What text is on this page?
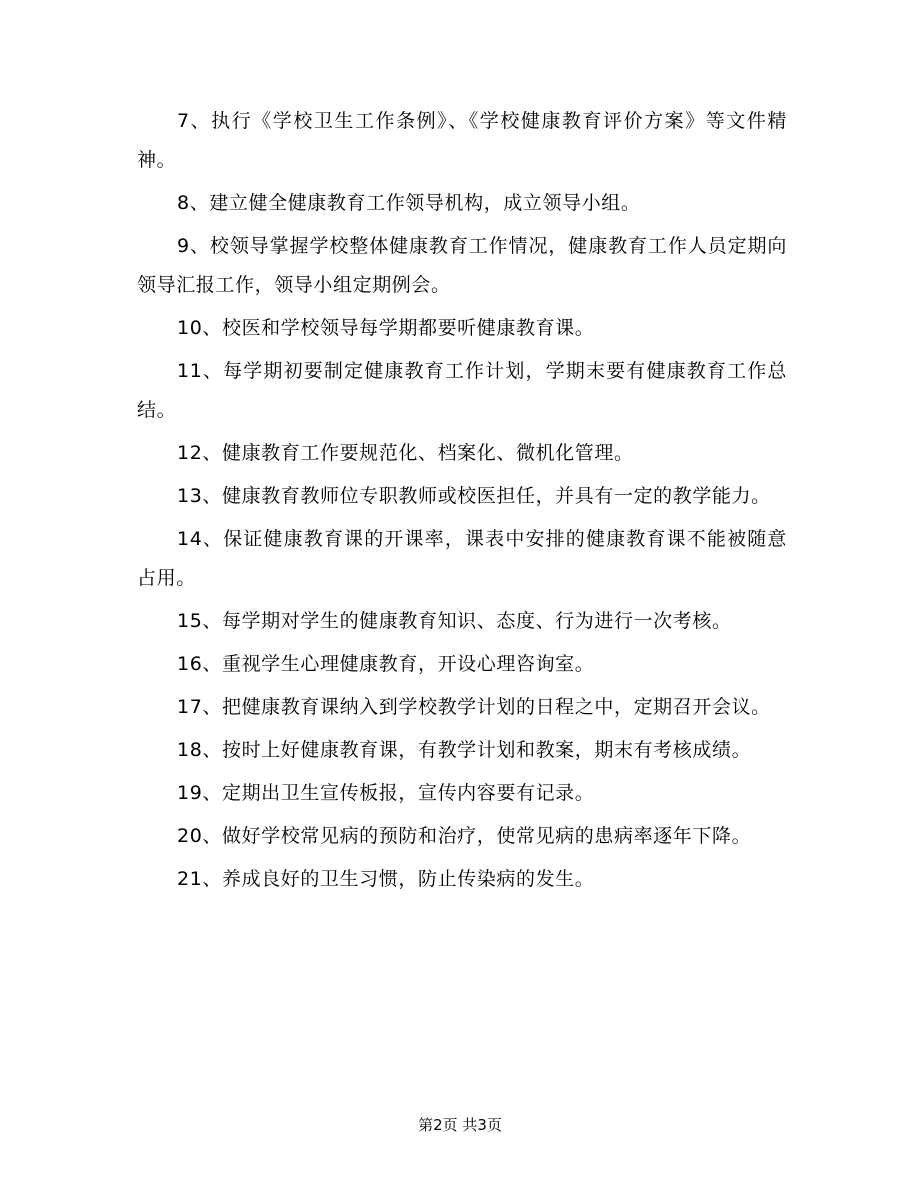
7、执行《学校卫生工作条例》、《学校健康教育评价方案》等文件精神。

8、建立健全健康教育工作领导机构，成立领导小组。

9、校领导掌握学校整体健康教育工作情况，健康教育工作人员定期向领导汇报工作，领导小组定期例会。

10、校医和学校领导每学期都要听健康教育课。

11、每学期初要制定健康教育工作计划，学期末要有健康教育工作总结。

12、健康教育工作要规范化、档案化、微机化管理。

13、健康教育教师位专职教师或校医担任，并具有一定的教学能力。

14、保证健康教育课的开课率，课表中安排的健康教育课不能被随意占用。

15、每学期对学生的健康教育知识、态度、行为进行一次考核。

16、重视学生心理健康教育，开设心理咨询室。

17、把健康教育课纳入到学校教学计划的日程之中，定期召开会议。

18、按时上好健康教育课，有教学计划和教案，期末有考核成绩。

19、定期出卫生宣传板报，宣传内容要有记录。

20、做好学校常见病的预防和治疗，使常见病的患病率逐年下降。

21、养成良好的卫生习惯，防止传染病的发生。

第2页 共3页
